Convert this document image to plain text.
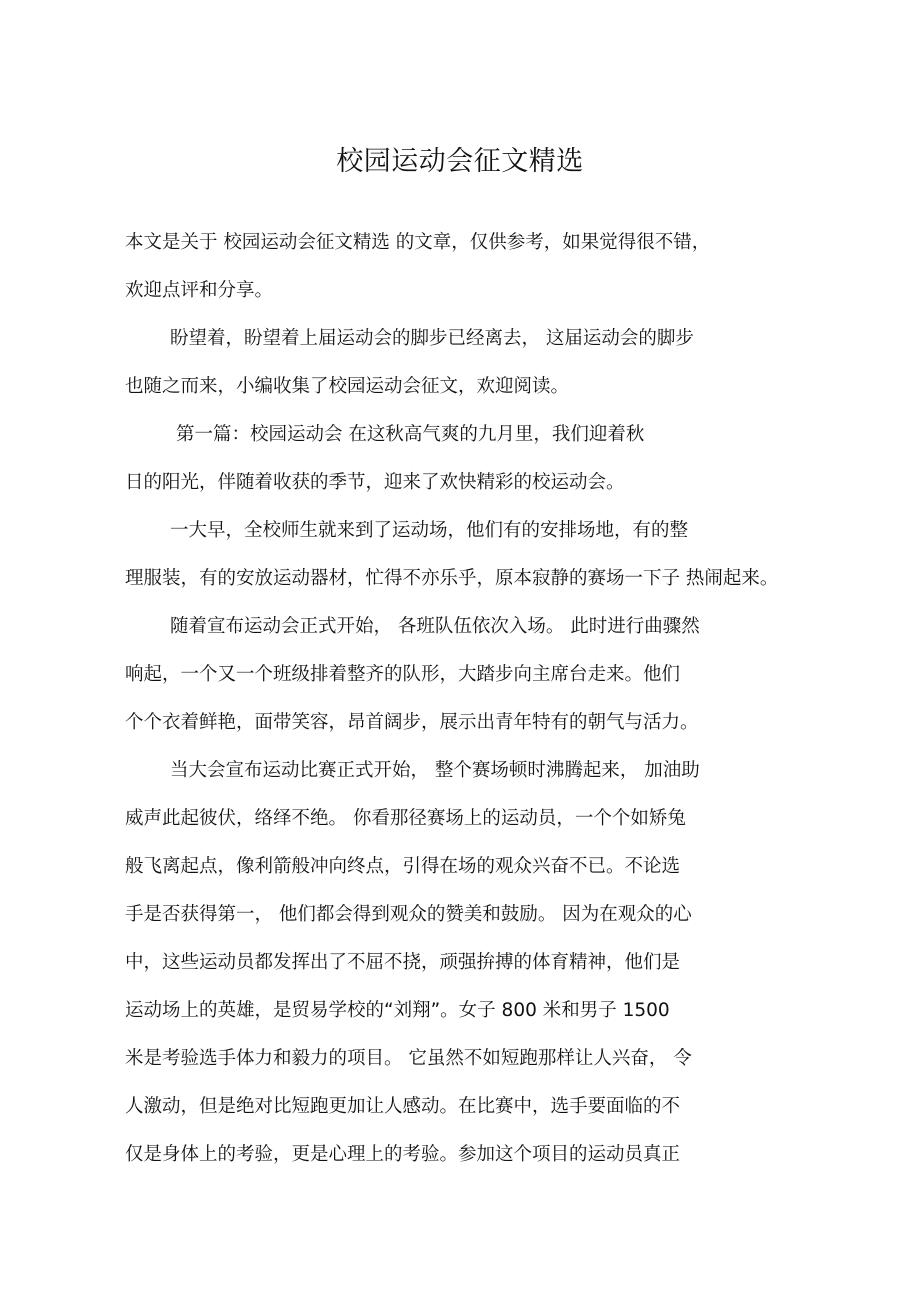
校园运动会征文精选

本文是关于 校园运动会征文精选 的文章，仅供参考，如果觉得很不错，

欢迎点评和分享。

盼望着，盼望着上届运动会的脚步已经离去， 这届运动会的脚步

也随之而来，小编收集了校园运动会征文，欢迎阅读。

第一篇：校园运动会 在这秋高气爽的九月里，我们迎着秋

日的阳光，伴随着收获的季节，迎来了欢快精彩的校运动会。

一大早，全校师生就来到了运动场，他们有的安排场地，有的整

理服装，有的安放运动器材，忙得不亦乐乎，原本寂静的赛场一下子 热闹起来。

随着宣布运动会正式开始， 各班队伍依次入场。 此时进行曲骤然

响起，一个又一个班级排着整齐的队形，大踏步向主席台走来。他们

个个衣着鲜艳，面带笑容，昂首阔步，展示出青年特有的朝气与活力。

当大会宣布运动比赛正式开始， 整个赛场顿时沸腾起来， 加油助

威声此起彼伏，络绎不绝。 你看那径赛场上的运动员，一个个如矫兔

般飞离起点，像利箭般冲向终点，引得在场的观众兴奋不已。不论选

手是否获得第一， 他们都会得到观众的赞美和鼓励。 因为在观众的心

中，这些运动员都发挥出了不屈不挠，顽强拚搏的体育精神，他们是

运动场上的英雄，是贸易学校的“刘翔”。女子 800 米和男子 1500

米是考验选手体力和毅力的项目。 它虽然不如短跑那样让人兴奋， 令

人激动，但是绝对比短跑更加让人感动。在比赛中，选手要面临的不

仅是身体上的考验，更是心理上的考验。参加这个项目的运动员真正
